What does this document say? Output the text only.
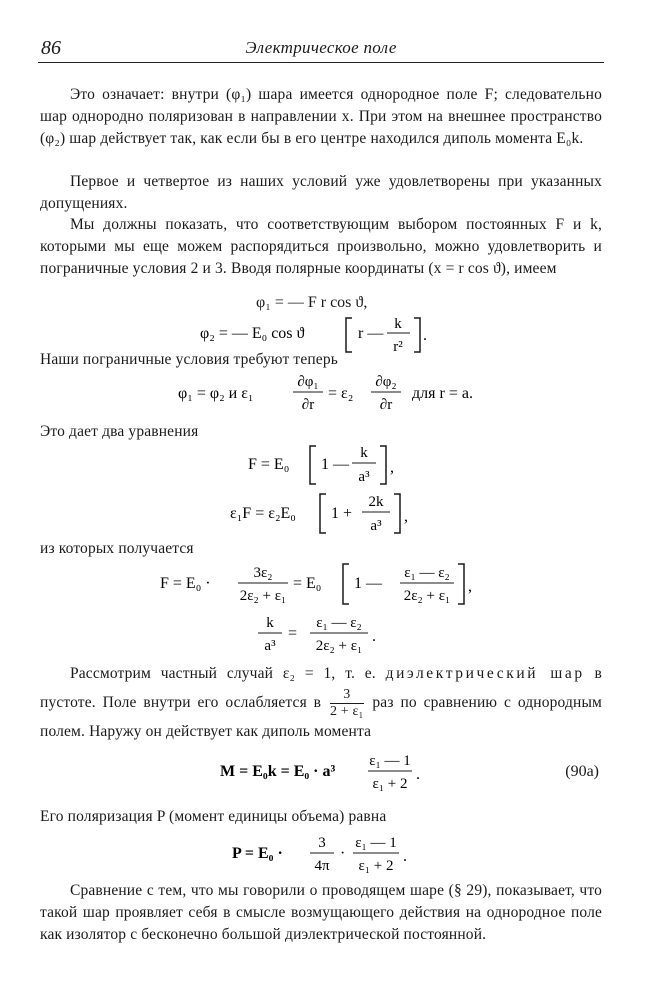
86	Электрическое поле

Это означает: внутри (φ₁) шара имеется однородное поле F; следовательно шар однородно поляризован в направлении x. При этом на внешнее пространство (φ₂) шар действует так, как если бы в его центре находился диполь момента E₀k.

Первое и четвертое из наших условий уже удовлетворены при указанных допущениях.

Мы должны показать, что соответствующим выбором постоянных F и k, которыми мы еще можем распорядиться произвольно, можно удовлетворить и пограничные условия 2 и 3. Вводя полярные координаты (x = r cos ϑ), имеем

φ₁ = — F r cos ϑ,
φ₂ = — E₀ cos ϑ	r —
k
r²
.

Наши пограничные условия требуют теперь

φ₁ = φ₂ и ε₁
∂φ₁
∂r
= ε₂
∂φ₂
∂r
для r = a.

Это дает два уравнения

F = E₀ 1 —
k
a³
,
ε₁F = ε₂E₀ 1 +
2k
a³
,

из которых получается

F = E₀ ·
3ε₂
2ε₂ + ε₁
= E₀ 1 —
ε₁ — ε₂
2ε₂ + ε₁
,
k
a³
=
ε₁ — ε₂
2ε₂ + ε₁
.
Рассмотрим частный случай ε₂ = 1, т. е. диэлектрический шар в пустоте. Поле внутри его ослабляется в $\frac{3}{\text{2 + ε₁}}$ раз по сравнению с однородным полем. Наружу он действует как диполь момента
M = E₀k = E₀ · a³
ε₁ — 1
ε₁ + 2
.	(90a)

Его поляризация P (момент единицы объема) равна

P = E₀ ·
3
4π
·
ε₁ — 1
ε₁ + 2
.

Сравнение с тем, что мы говорили о проводящем шаре (§ 29), показывает, что такой шар проявляет себя в смысле возмущающего действия на однородное поле как изолятор с бесконечно большой диэлектрической постоянной.
